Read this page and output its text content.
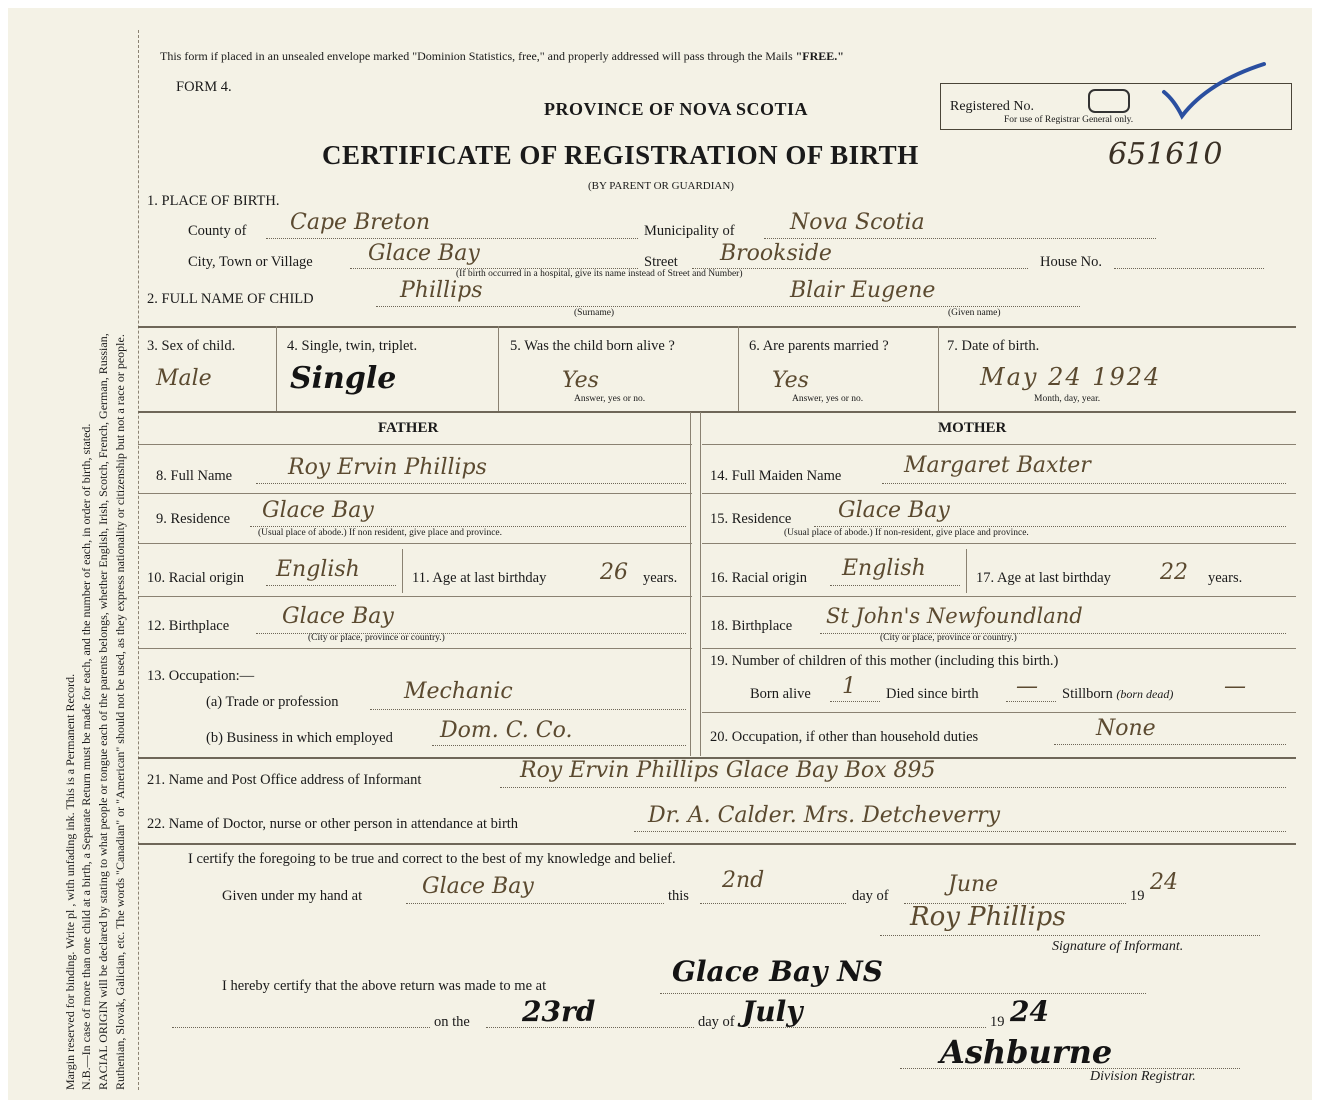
Margin reserved for binding. Write pl , with unfading ink. This is a Permanent Record. N.B.—In case of more than one child at a birth, a Separate Return must be made for each, and the number of each, in order of birth, stated. RACIAL ORIGIN will be declared by stating to what people or tongue each of the parents belongs, whether English, Irish, Scotch, French, German, Russian, Ruthenian, Slovak, Galician, etc. The words "Canadian" or "American" should not be used, as they express nationality or citizenship but not a race or people.
This form if placed in an unsealed envelope marked "Dominion Statistics, free," and properly addressed will pass through the Mails "FREE."
FORM 4.
PROVINCE OF NOVA SCOTIA	Registered No.
For use of Registrar General only.
CERTIFICATE OF REGISTRATION OF BIRTH	651610
(BY PARENT OR GUARDIAN)
1. PLACE OF BIRTH.
County of Cape Breton	Municipality of	Nova Scotia
City, Town or Village	Glace Bay	Street Brookside	House No.
(If birth occurred in a hospital, give its name instead of Street and Number)
2. FULL NAME OF CHILD	Phillips	Blair Eugene
(Surname)	(Given name)
3. Sex of child.
Male
4. Single, twin, triplet.
Single
5. Was the child born alive ?
Yes
Answer, yes or no.
6. Are parents married ?
Yes
Answer, yes or no.
7. Date of birth.
May 24 1924
Month, day, year.
FATHER	MOTHER
8. Full Name	Roy Ervin Phillips
9. Residence Glace Bay
(Usual place of abode.) If non resident, give place and province.
10. Racial origin English	11. Age at last birthday 26 years.
12. Birthplace Glace Bay
(City or place, province or country.)
13. Occupation:—
(a) Trade or profession	Mechanic
(b) Business in which employed Dom. C. Co.
14. Full Maiden Name	Margaret Baxter
15. Residence Glace Bay
(Usual place of abode.) If non-resident, give place and province.
16. Racial origin English	17. Age at last birthday 22 years.
18. Birthplace St John's Newfoundland
(City or place, province or country.)
19. Number of children of this mother (including this birth.)
Born alive 1 Died since birth — Stillborn (born dead) —
20. Occupation, if other than household duties	None
21. Name and Post Office address of Informant	Roy Ervin Phillips Glace Bay Box 895
22. Name of Doctor, nurse or other person in attendance at birth	Dr. A. Calder. Mrs. Detcheverry
I certify the foregoing to be true and correct to the best of my knowledge and belief.
Given under my hand at	Glace Bay	this
2nd
day of	June	19
24
Roy Phillips
Signature of Informant.
I hereby certify that the above return was made to me at	Glace Bay NS
on the 23rd	day of July	19 24
Ashburne
Division Registrar.
